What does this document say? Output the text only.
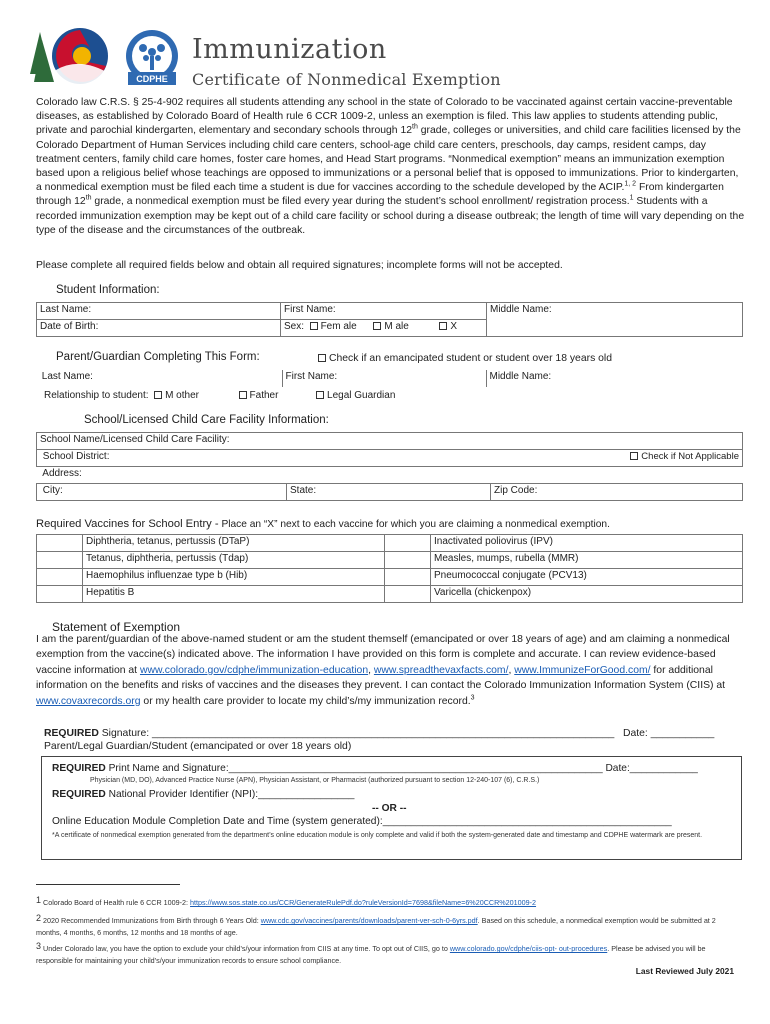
CDPHE
Immunization
Certificate of Nonmedical Exemption
Colorado law C.R.S. § 25-4-902 requires all students attending any school in the state of Colorado to be vaccinated against certain vaccine-preventable diseases, as established by Colorado Board of Health rule 6 CCR 1009-2, unless an exemption is filed. This law applies to students attending public, private and parochial kindergarten, elementary and secondary schools through 12th grade, colleges or universities, and child care facilities licensed by the Colorado Department of Human Services including child care centers, school-age child care centers, preschools, day camps, resident camps, day treatment centers, family child care homes, foster care homes, and Head Start programs. “Nonmedical exemption” means an immunization exemption based upon a religious belief whose teachings are opposed to immunizations or a personal belief that is opposed to immunizations. Prior to kindergarten, a nonmedical exemption must be filed each time a student is due for vaccines according to the schedule developed by the ACIP.$^{1, 2}$ From kindergarten through 12th grade, a nonmedical exemption must be filed every year during the student’s school enrollment/ registration process.$^1$ Students with a recorded immunization exemption may be kept out of a child care facility or school during a disease outbreak; the length of time will vary depending on the type of the disease and the circumstances of the outbreak.
Please complete all required fields below and obtain all required signatures; incomplete forms will not be accepted.
Student Information:
Last Name:	First Name:	Middle Name:
Date of Birth:	Sex: Fem ale M ale X	
Parent/Guardian Completing This Form:	Check if an emancipated student or student over 18 years old
Last Name:	First Name:	Middle Name:
Relationship to student: M other	Father	Legal Guardian
School/Licensed Child Care Facility Information:
School Name/Licensed Child Care Facility:
School District:	Check if Not Applicable

Address:
City:	State:	Zip Code:
Required Vaccines for School Entry - Place an “X” next to each vaccine for which you are claiming a nonmedical exemption.
	Diphtheria, tetanus, pertussis (DTaP)		Inactivated poliovirus (IPV)
	Tetanus, diphtheria, pertussis (Tdap)		Measles, mumps, rubella (MMR)
	Haemophilus influenzae type b (Hib)		Pneumococcal conjugate (PCV13)
	Hepatitis B		Varicella (chickenpox)
Statement of Exemption
I am the parent/guardian of the above-named student or am the student themself (emancipated or over 18 years of age) and am claiming a nonmedical exemption from the vaccine(s) indicated above. The information I have provided on this form is complete and accurate. I can review evidence-based vaccine information at www.colorado.gov/cdphe/immunization-education, www.spreadthevaxfacts.com/, www.ImmunizeForGood.com/ for additional information on the benefits and risks of vaccines and the diseases they prevent. I can contact the Colorado Immunization Information System (CIIS) at www.covaxrecords.org or my health care provider to locate my child’s/my immunization record.$^3$
REQUIRED Signature: ________________________________________________________________________________ Date: ___________
Parent/Legal Guardian/Student (emancipated or over 18 years old)
REQUIRED Print Name and Signature:__________________________________________________________________ Date:____________
Physician (MD, DO), Advanced Practice Nurse (APN), Physician Assistant, or Pharmacist (authorized pursuant to section 12-240-107 (6), C.R.S.)
REQUIRED National Provider Identifier (NPI):_________________
-- OR --
Online Education Module Completion Date and Time (system generated):___________________________________________________
*A certificate of nonmedical exemption generated from the department’s online education module is only complete and valid if both the system-generated date and timestamp and CDPHE watermark are present.
1 Colorado Board of Health rule 6 CCR 1009-2: https://www.sos.state.co.us/CCR/GenerateRulePdf.do?ruleVersionId=7698&fileName=6%20CCR%201009-2
2 2020 Recommended Immunizations from Birth through 6 Years Old: www.cdc.gov/vaccines/parents/downloads/parent-ver-sch-0-6yrs.pdf. Based on this schedule, a nonmedical exemption would be submitted at 2 months, 4 months, 6 months, 12 months and 18 months of age.
3 Under Colorado law, you have the option to exclude your child’s/your information from CIIS at any time. To opt out of CIIS, go to www.colorado.gov/cdphe/ciis-opt- out-procedures. Please be advised you will be responsible for maintaining your child’s/your immunization records to ensure school compliance.
Last Reviewed July 2021
